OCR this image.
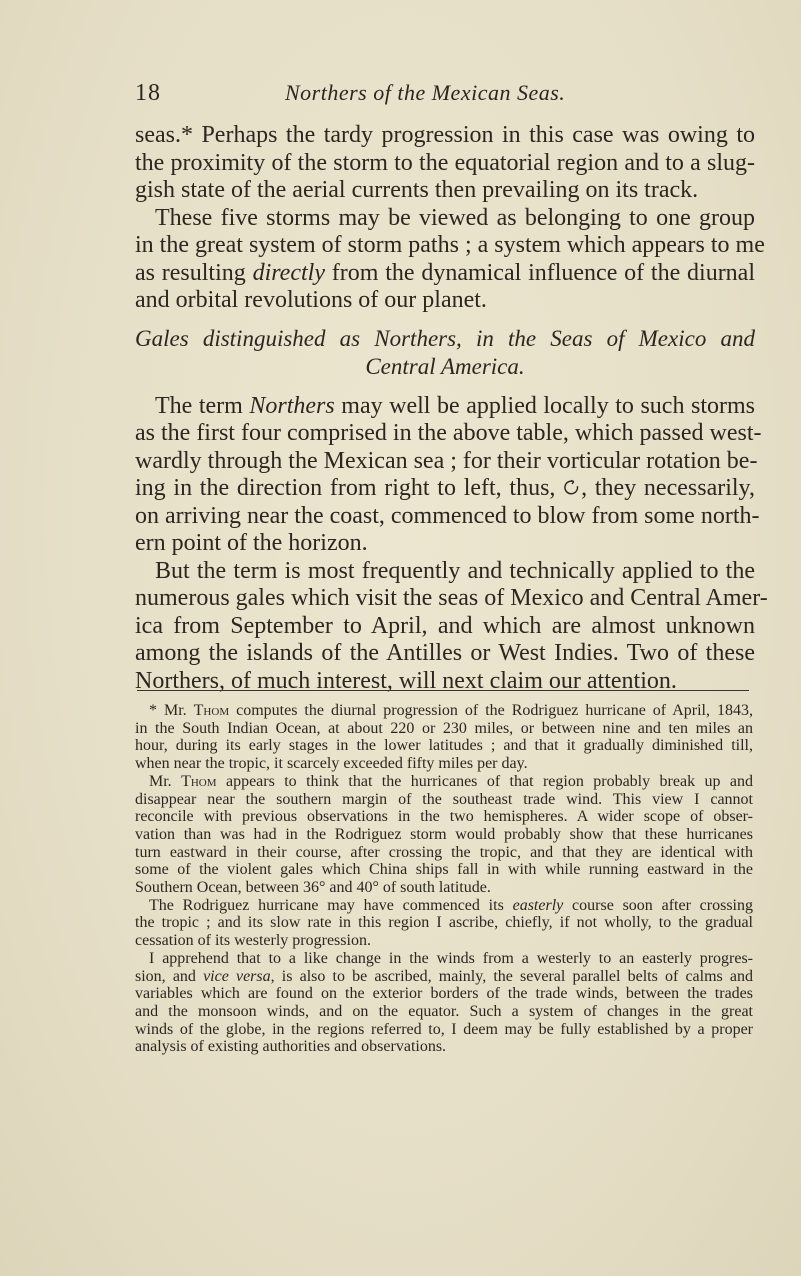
18	Northers of the Mexican Seas.
seas.* Perhaps the tardy progression in this case was owing to
the proximity of the storm to the equatorial region and to a slug-
gish state of the aerial currents then prevailing on its track.
These five storms may be viewed as belonging to one group
in the great system of storm paths ; a system which appears to me
as resulting directly from the dynamical influence of the diurnal
and orbital revolutions of our planet.
Gales distinguished as Northers, in the Seas of Mexico and
Central America.
The term Northers may well be applied locally to such storms
as the first four comprised in the above table, which passed west-
wardly through the Mexican sea ; for their vorticular rotation be-
ing in the direction from right to left, thus, , they necessarily,
on arriving near the coast, commenced to blow from some north-
ern point of the horizon.
But the term is most frequently and technically applied to the
numerous gales which visit the seas of Mexico and Central Amer-
ica from September to April, and which are almost unknown
among the islands of the Antilles or West Indies. Two of these
Northers, of much interest, will next claim our attention.
* Mr. Thom computes the diurnal progression of the Rodriguez hurricane of April, 1843,
in the South Indian Ocean, at about 220 or 230 miles, or between nine and ten miles an
hour, during its early stages in the lower latitudes ; and that it gradually diminished till,
when near the tropic, it scarcely exceeded fifty miles per day.
Mr. Thom appears to think that the hurricanes of that region probably break up and
disappear near the southern margin of the southeast trade wind. This view I cannot
reconcile with previous observations in the two hemispheres. A wider scope of obser-
vation than was had in the Rodriguez storm would probably show that these hurricanes
turn eastward in their course, after crossing the tropic, and that they are identical with
some of the violent gales which China ships fall in with while running eastward in the
Southern Ocean, between 36° and 40° of south latitude.
The Rodriguez hurricane may have commenced its easterly course soon after crossing
the tropic ; and its slow rate in this region I ascribe, chiefly, if not wholly, to the gradual
cessation of its westerly progression.
I apprehend that to a like change in the winds from a westerly to an easterly progres-
sion, and vice versa, is also to be ascribed, mainly, the several parallel belts of calms and
variables which are found on the exterior borders of the trade winds, between the trades
and the monsoon winds, and on the equator. Such a system of changes in the great
winds of the globe, in the regions referred to, I deem may be fully established by a proper
analysis of existing authorities and observations.
